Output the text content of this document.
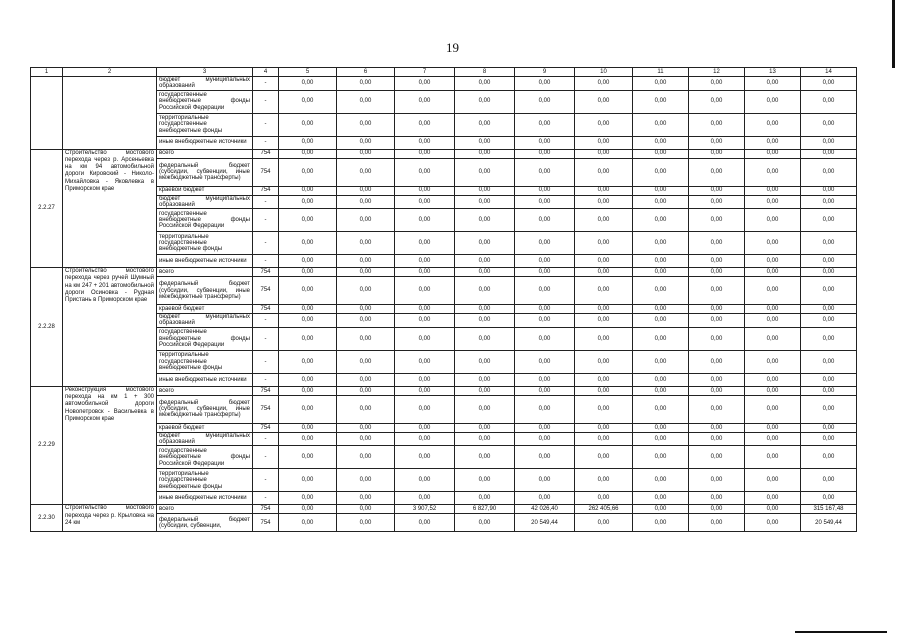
19
1	2	3	4	5	6	7	8	9	10	11	12	13	14
		бюджет муниципальных образований	-	0,00	0,00	0,00	0,00	0,00	0,00	0,00	0,00	0,00	0,00
		государственные внебюджетные фонды Российской Федерации	-	0,00	0,00	0,00	0,00	0,00	0,00	0,00	0,00	0,00	0,00
		территориальные государственные внебюджетные фонды	-	0,00	0,00	0,00	0,00	0,00	0,00	0,00	0,00	0,00	0,00
		иные внебюджетные источники	-	0,00	0,00	0,00	0,00	0,00	0,00	0,00	0,00	0,00	0,00
2.2.27	Строительство мостового перехода через р. Арсеньевка на км 94 автомобильной дороги Кировский - Николо-Михайловка - Яковлевка в Приморском крае	всего	754	0,00	0,00	0,00	0,00	0,00	0,00	0,00	0,00	0,00	0,00
		федеральный бюджет (субсидии, субвенции, иные межбюджетные трансферты)	754	0,00	0,00	0,00	0,00	0,00	0,00	0,00	0,00	0,00	0,00
		краевой бюджет	754	0,00	0,00	0,00	0,00	0,00	0,00	0,00	0,00	0,00	0,00
		бюджет муниципальных образований	-	0,00	0,00	0,00	0,00	0,00	0,00	0,00	0,00	0,00	0,00
		государственные внебюджетные фонды Российской Федерации	-	0,00	0,00	0,00	0,00	0,00	0,00	0,00	0,00	0,00	0,00
		территориальные государственные внебюджетные фонды	-	0,00	0,00	0,00	0,00	0,00	0,00	0,00	0,00	0,00	0,00
		иные внебюджетные источники	-	0,00	0,00	0,00	0,00	0,00	0,00	0,00	0,00	0,00	0,00
2.2.28	Строительство мостового перехода через ручей Шумный на км 247 + 201 автомобильной дороги Осиновка - Рудная Пристань в Приморском крае	всего	754	0,00	0,00	0,00	0,00	0,00	0,00	0,00	0,00	0,00	0,00
		федеральный бюджет (субсидии, субвенции, иные межбюджетные трансферты)	754	0,00	0,00	0,00	0,00	0,00	0,00	0,00	0,00	0,00	0,00
		краевой бюджет	754	0,00	0,00	0,00	0,00	0,00	0,00	0,00	0,00	0,00	0,00
		бюджет муниципальных образований	-	0,00	0,00	0,00	0,00	0,00	0,00	0,00	0,00	0,00	0,00
		государственные внебюджетные фонды Российской Федерации	-	0,00	0,00	0,00	0,00	0,00	0,00	0,00	0,00	0,00	0,00
		территориальные государственные внебюджетные фонды	-	0,00	0,00	0,00	0,00	0,00	0,00	0,00	0,00	0,00	0,00
		иные внебюджетные источники	-	0,00	0,00	0,00	0,00	0,00	0,00	0,00	0,00	0,00	0,00
2.2.29	Реконструкция мостового перехода на км 1 + 300 автомобильной дороги Новопетровск - Васильевка в Приморском крае	всего	754	0,00	0,00	0,00	0,00	0,00	0,00	0,00	0,00	0,00	0,00
		федеральный бюджет (субсидии, субвенции, иные межбюджетные трансферты)	754	0,00	0,00	0,00	0,00	0,00	0,00	0,00	0,00	0,00	0,00
		краевой бюджет	754	0,00	0,00	0,00	0,00	0,00	0,00	0,00	0,00	0,00	0,00
		бюджет муниципальных образований	-	0,00	0,00	0,00	0,00	0,00	0,00	0,00	0,00	0,00	0,00
		государственные внебюджетные фонды Российской Федерации	-	0,00	0,00	0,00	0,00	0,00	0,00	0,00	0,00	0,00	0,00
		территориальные государственные внебюджетные фонды	-	0,00	0,00	0,00	0,00	0,00	0,00	0,00	0,00	0,00	0,00
		иные внебюджетные источники	-	0,00	0,00	0,00	0,00	0,00	0,00	0,00	0,00	0,00	0,00
2.2.30	Строительство мостового перехода через р. Крыловка на 24 км	всего	754	0,00	0,00	3 907,52	6 827,90	42 026,40	262 405,66	0,00	0,00	0,00	315 167,48
		федеральный бюджет (субсидии, субвенции,	754	0,00	0,00	0,00	0,00	20 549,44	0,00	0,00	0,00	0,00	20 549,44
